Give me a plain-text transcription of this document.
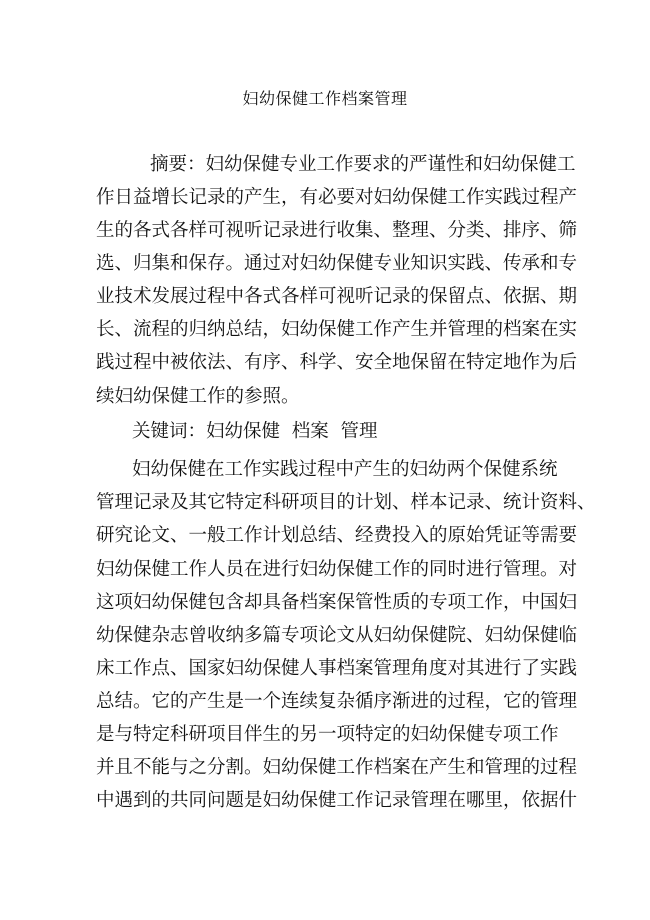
妇幼保健工作档案管理
摘要：妇幼保健专业工作要求的严谨性和妇幼保健工
作日益增长记录的产生，有必要对妇幼保健工作实践过程产
生的各式各样可视听记录进行收集、整理、分类、排序、筛
选、归集和保存。通过对妇幼保健专业知识实践、传承和专
业技术发展过程中各式各样可视听记录的保留点、依据、期
长、流程的归纳总结，妇幼保健工作产生并管理的档案在实
践过程中被依法、有序、科学、安全地保留在特定地作为后
续妇幼保健工作的参照。
关键词：妇幼保健  档案  管理
妇幼保健在工作实践过程中产生的妇幼两个保健系统
管理记录及其它特定科研项目的计划、样本记录、统计资料、
研究论文、一般工作计划总结、经费投入的原始凭证等需要
妇幼保健工作人员在进行妇幼保健工作的同时进行管理。对
这项妇幼保健包含却具备档案保管性质的专项工作，中国妇
幼保健杂志曾收纳多篇专项论文从妇幼保健院、妇幼保健临
床工作点、国家妇幼保健人事档案管理角度对其进行了实践
总结。它的产生是一个连续复杂循序渐进的过程，它的管理
是与特定科研项目伴生的另一项特定的妇幼保健专项工作
并且不能与之分割。妇幼保健工作档案在产生和管理的过程
中遇到的共同问题是妇幼保健工作记录管理在哪里，依据什
